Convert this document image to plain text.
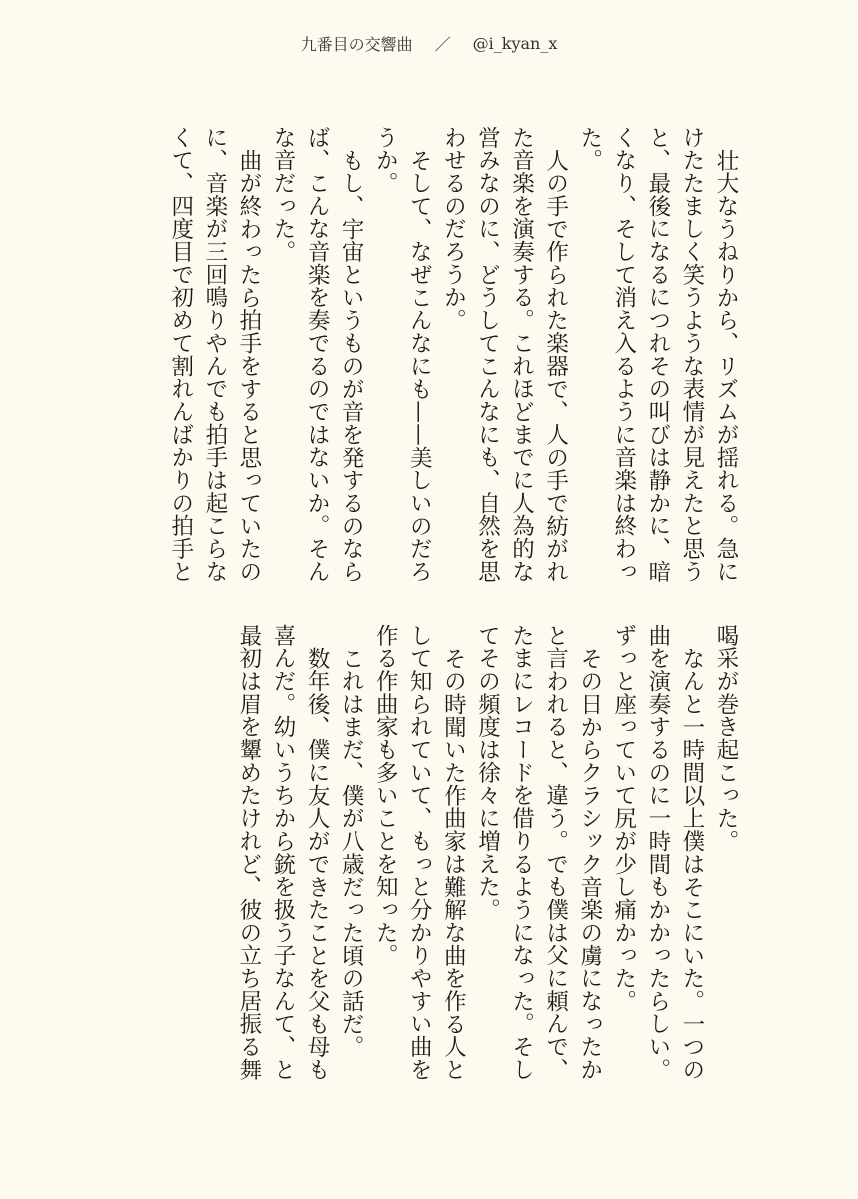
九番目の交響曲 ／ @i_kyan_x

壮大なうねりから、リズムが揺れる。急にけたたましく笑うような表情が見えたと思うと、最後になるにつれその叫びは静かに、暗くなり、そして消え入るように音楽は終わった。

人の手で作られた楽器で、人の手で紡がれた音楽を演奏する。これほどまでに人為的な営みなのに、どうしてこんなにも、自然を思わせるのだろうか。

そして、なぜこんなにも——美しいのだろうか。

もし、宇宙というものが音を発するのならば、こんな音楽を奏でるのではないか。そんな音だった。

曲が終わったら拍手をすると思っていたのに、音楽が三回鳴りやんでも拍手は起こらなくて、四度目で初めて割れんばかりの拍手と

喝采が巻き起こった。

なんと一時間以上僕はそこにいた。一つの曲を演奏するのに一時間もかかったらしい。ずっと座っていて尻が少し痛かった。

その日からクラシック音楽の虜になったかと言われると、違う。でも僕は父に頼んで、たまにレコードを借りるようになった。そしてその頻度は徐々に増えた。

その時聞いた作曲家は難解な曲を作る人として知られていて、もっと分かりやすい曲を作る作曲家も多いことを知った。

これはまだ、僕が八歳だった頃の話だ。

数年後、僕に友人ができたことを父も母も喜んだ。幼いうちから銃を扱う子なんて、と最初は眉を顰めたけれど、彼の立ち居振る舞
